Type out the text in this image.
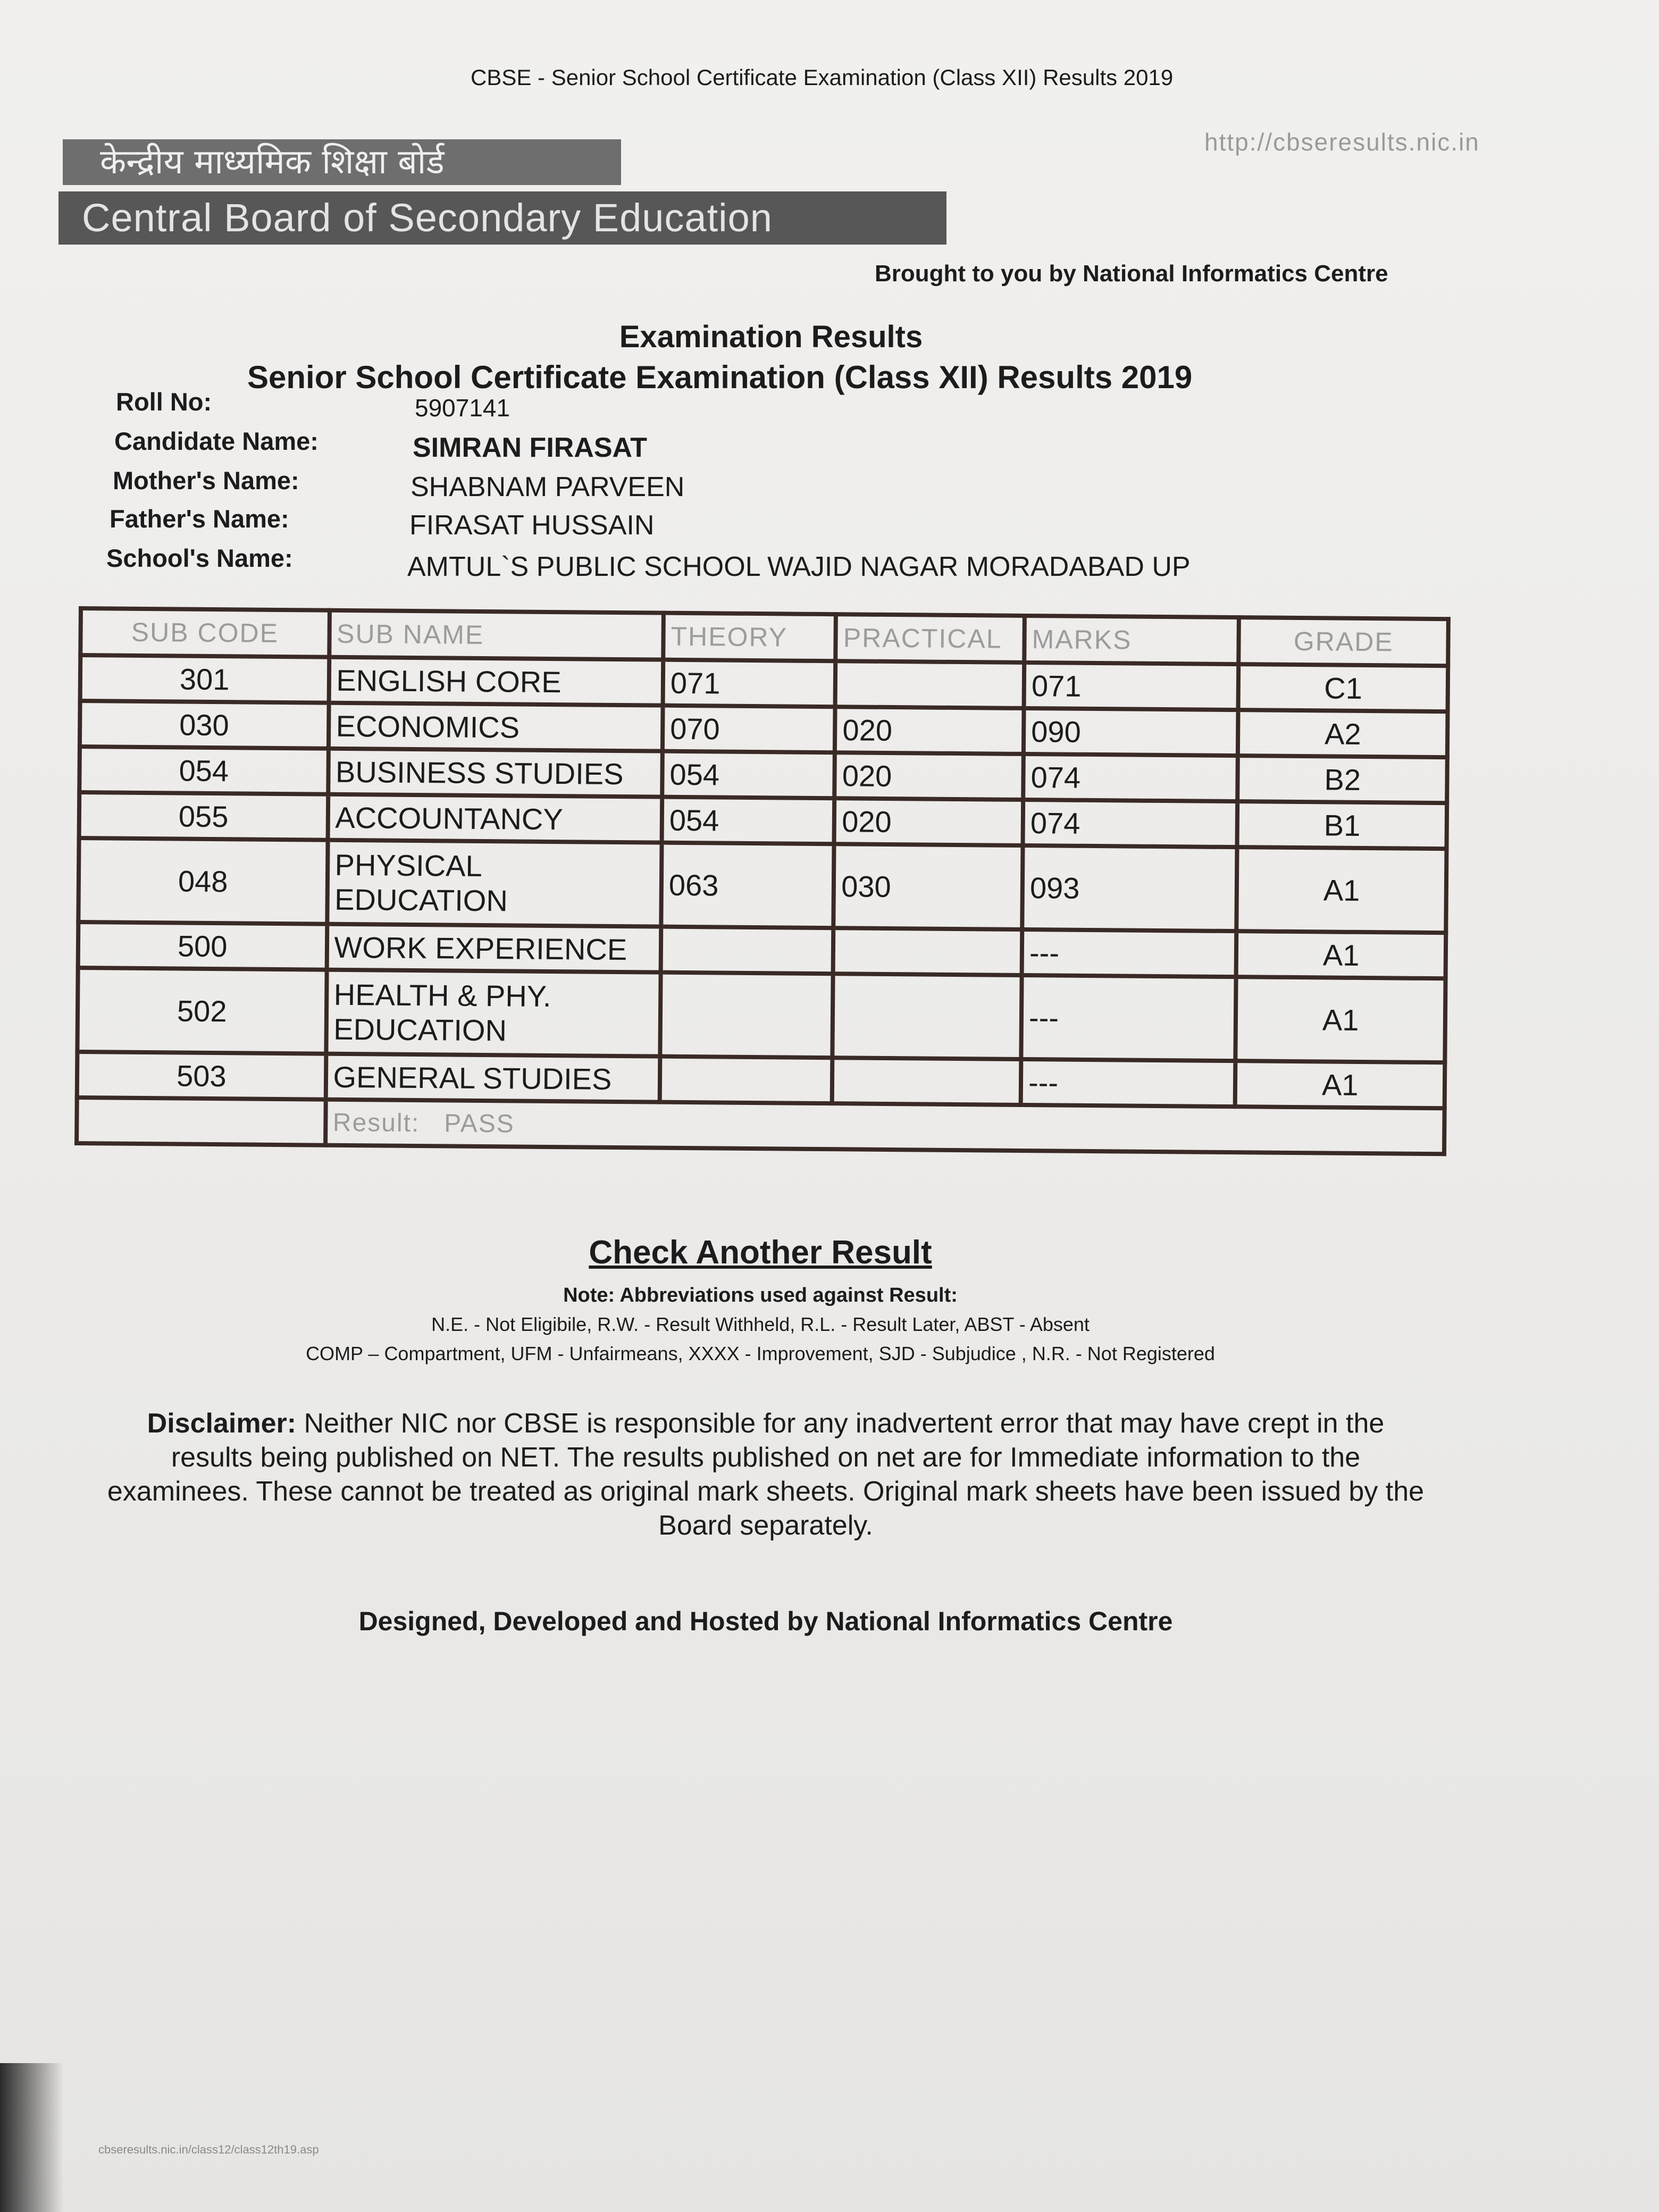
CBSE - Senior School Certificate Examination (Class XII) Results 2019
http://cbseresults.nic.in
केन्द्रीय माध्यमिक शिक्षा बोर्ड
Central Board of Secondary Education
Brought to you by National Informatics Centre
Examination Results
Senior School Certificate Examination (Class XII) Results 2019
Roll No:	5907141
Candidate Name:	SIMRAN FIRASAT
Mother's Name:	SHABNAM PARVEEN
Father's Name:	FIRASAT HUSSAIN
School's Name:	AMTUL`S PUBLIC SCHOOL WAJID NAGAR MORADABAD UP
SUB CODE	SUB NAME	THEORY	PRACTICAL	MARKS	GRADE
301	ENGLISH CORE	071		071	C1
030	ECONOMICS	070	020	090	A2
054	BUSINESS STUDIES	054	020	074	B2
055	ACCOUNTANCY	054	020	074	B1
048	PHYSICAL
EDUCATION	063	030	093	A1
500	WORK EXPERIENCE			---	A1
502	HEALTH & PHY.
EDUCATION			---	A1
503	GENERAL STUDIES			---	A1
	Result: PASS				
Check Another Result
Note: Abbreviations used against Result:
N.E. - Not Eligibile, R.W. - Result Withheld, R.L. - Result Later, ABST - Absent
COMP – Compartment, UFM - Unfairmeans, XXXX - Improvement, SJD - Subjudice , N.R. - Not Registered
Disclaimer: Neither NIC nor CBSE is responsible for any inadvertent error that may have crept in the results being published on NET. The results published on net are for Immediate information to the examinees. These cannot be treated as original mark sheets. Original mark sheets have been issued by the Board separately.
Designed, Developed and Hosted by National Informatics Centre
cbseresults.nic.in/class12/class12th19.asp
